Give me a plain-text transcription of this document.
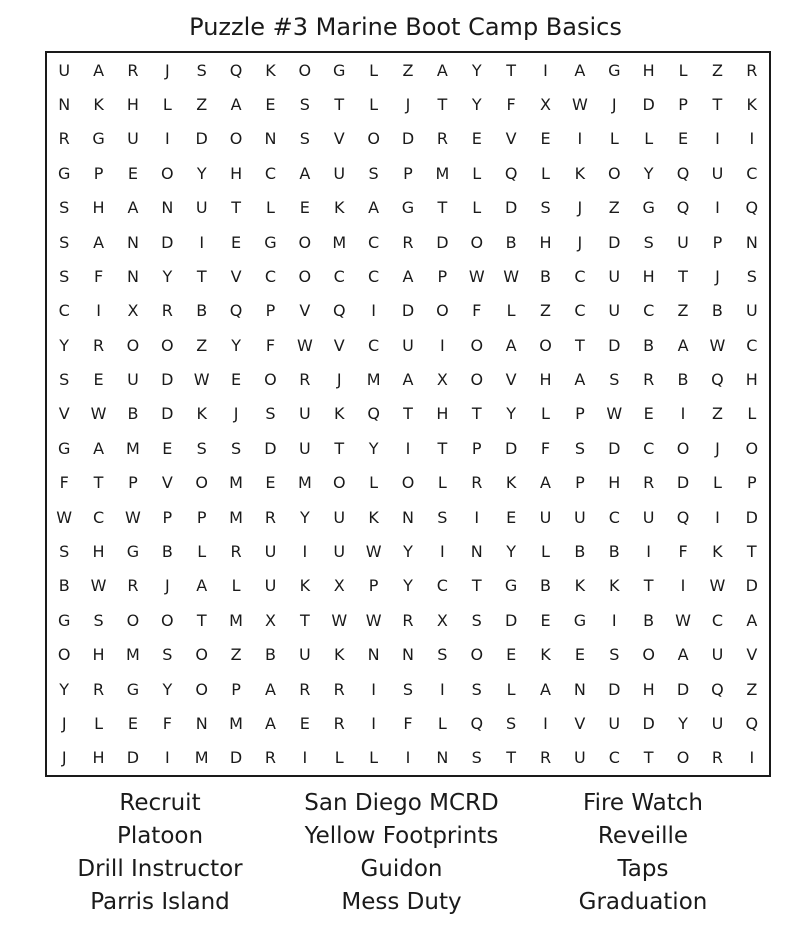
Puzzle #3 Marine Boot Camp Basics
U	A	R	J	S	Q	K	O	G	L	Z	A	Y	T	I	A	G	H	L	Z	R
N	K	H	L	Z	A	E	S	T	L	J	T	Y	F	X	W	J	D	P	T	K
R	G	U	I	D	O	N	S	V	O	D	R	E	V	E	I	L	L	E	I	I
G	P	E	O	Y	H	C	A	U	S	P	M	L	Q	L	K	O	Y	Q	U	C
S	H	A	N	U	T	L	E	K	A	G	T	L	D	S	J	Z	G	Q	I	Q
S	A	N	D	I	E	G	O	M	C	R	D	O	B	H	J	D	S	U	P	N
S	F	N	Y	T	V	C	O	C	C	A	P	W	W	B	C	U	H	T	J	S
C	I	X	R	B	Q	P	V	Q	I	D	O	F	L	Z	C	U	C	Z	B	U
Y	R	O	O	Z	Y	F	W	V	C	U	I	O	A	O	T	D	B	A	W	C
S	E	U	D	W	E	O	R	J	M	A	X	O	V	H	A	S	R	B	Q	H
V	W	B	D	K	J	S	U	K	Q	T	H	T	Y	L	P	W	E	I	Z	L
G	A	M	E	S	S	D	U	T	Y	I	T	P	D	F	S	D	C	O	J	O
F	T	P	V	O	M	E	M	O	L	O	L	R	K	A	P	H	R	D	L	P
W	C	W	P	P	M	R	Y	U	K	N	S	I	E	U	U	C	U	Q	I	D
S	H	G	B	L	R	U	I	U	W	Y	I	N	Y	L	B	B	I	F	K	T
B	W	R	J	A	L	U	K	X	P	Y	C	T	G	B	K	K	T	I	W	D
G	S	O	O	T	M	X	T	W	W	R	X	S	D	E	G	I	B	W	C	A
O	H	M	S	O	Z	B	U	K	N	N	S	O	E	K	E	S	O	A	U	V
Y	R	G	Y	O	P	A	R	R	I	S	I	S	L	A	N	D	H	D	Q	Z
J	L	E	F	N	M	A	E	R	I	F	L	Q	S	I	V	U	D	Y	U	Q
J	H	D	I	M	D	R	I	L	L	I	N	S	T	R	U	C	T	O	R	I
Recruit
Platoon
Drill Instructor
Parris Island
San Diego MCRD
Yellow Footprints
Guidon
Mess Duty
Fire Watch
Reveille
Taps
Graduation
